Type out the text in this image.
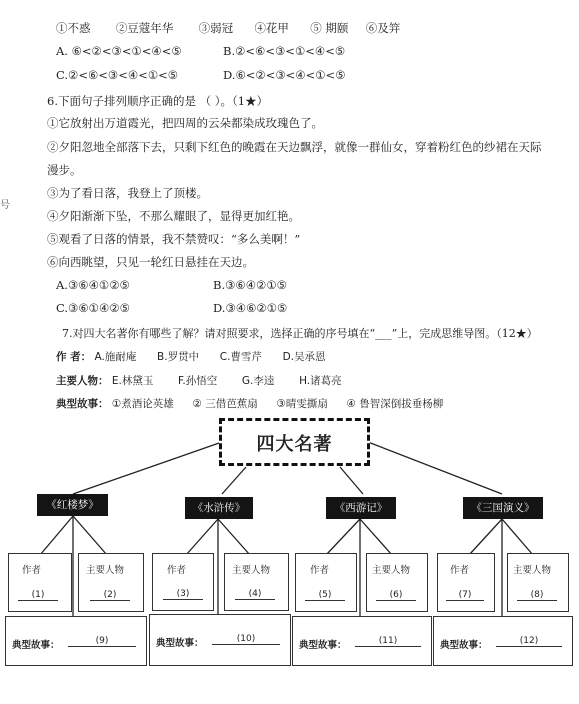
号
①不惑 ②豆蔻年华 ③弱冠 ④花甲 ⑤ 期颐 ⑥及笄
A. ⑥<②<③<①<④<⑤	B.②<⑥<③<①<④<⑤
C.②<⑥<③<④<①<⑤	D.⑥<②<③<④<①<⑤
6.下面句子排列顺序正确的是 （ ）。（1★）
①它放射出万道霞光，把四周的云朵都染成玫瑰色了。
②夕阳忽地全部落下去，只剩下红色的晚霞在天边飘浮，就像一群仙女，穿着粉红色的纱裙在天际
漫步。
③为了看日落，我登上了顶楼。
④夕阳渐渐下坠，不那么耀眼了，显得更加红艳。
⑤观看了日落的情景，我不禁赞叹：“多么美啊！”
⑥向西眺望，只见一轮红日悬挂在天边。
A.③⑥④①②⑤	B.③⑥④②①⑤
C.③⑥①④②⑤	D.③④⑥②①⑤
7.对四大名著你有哪些了解？请对照要求，选择正确的序号填在“___”上，完成思维导图。（12★）
作 者： A.施耐庵 B.罗贯中 C.曹雪芹 D.吴承恩
主要人物： E.林黛玉 F.孙悟空 G.李逵 H.诸葛亮
典型故事： ①煮酒论英雄 ② 三借芭蕉扇 ③晴雯撕扇 ④ 鲁智深倒拔垂杨柳
四大名著
《红楼梦》
作者
(1)
主要人物
(2)
典型故事：	(9)
《水浒传》
作者
(3)
主要人物
(4)
典型故事：	(10)
《西游记》
作者
(5)
主要人物
(6)
典型故事：	(11)
《三国演义》
作者
(7)
主要人物
(8)
典型故事：	(12)
